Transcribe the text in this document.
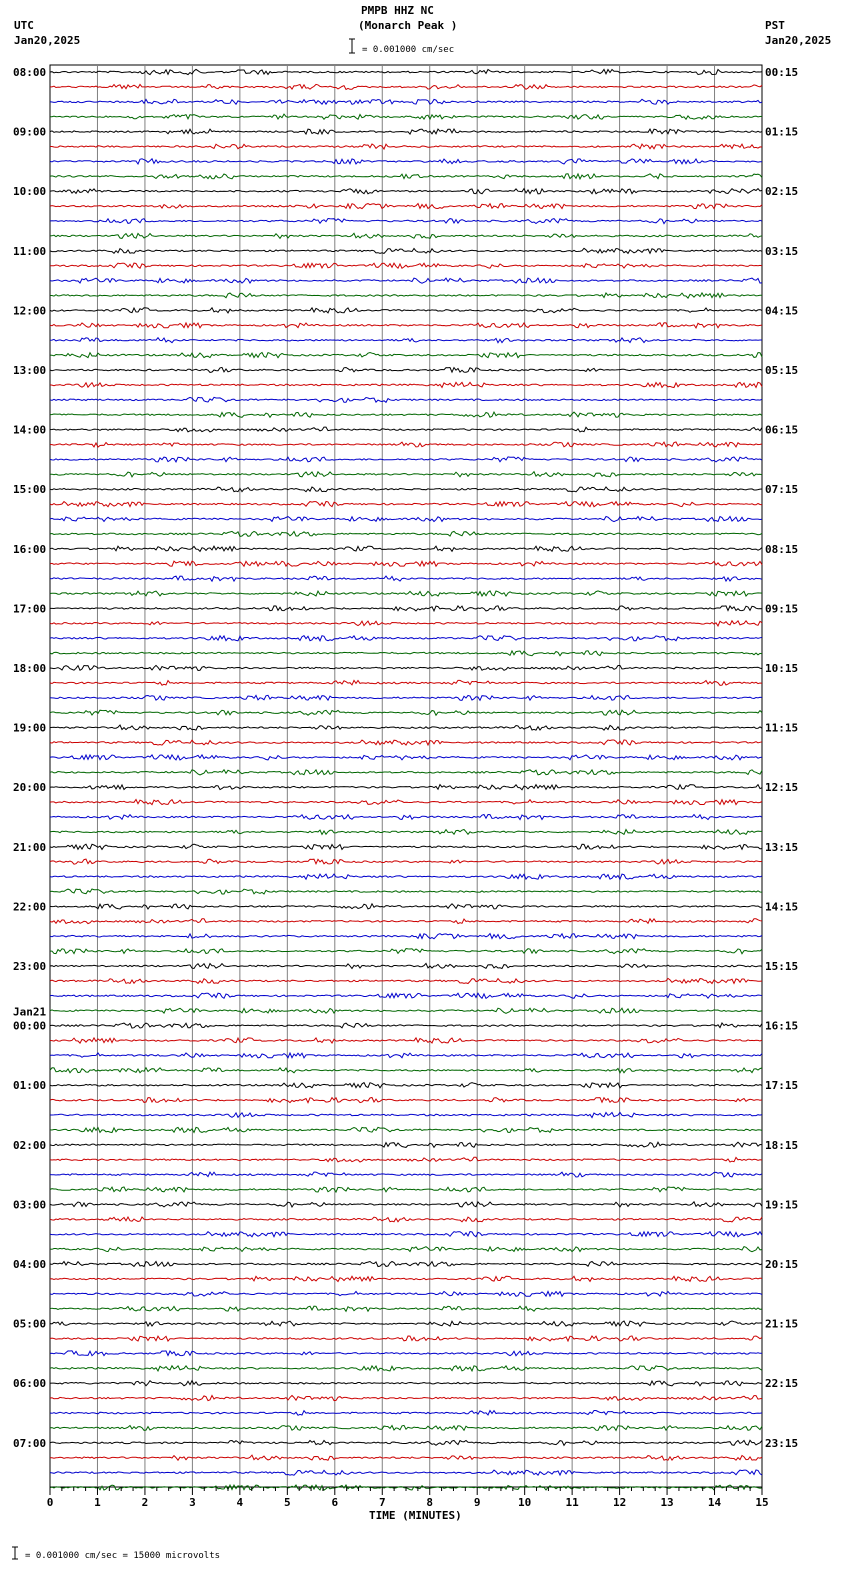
PMPB HHZ NC
(Monarch Peak )
UTC
Jan20,2025
PST
Jan20,2025
= 0.001000 cm/sec
TIME (MINUTES)
= 0.001000 cm/sec = 15000 microvolts
0	1	2	3	4	5	6	7	8	9	10	11	12	13	14	15
08:00
09:00
10:00
11:00
12:00
13:00
14:00
15:00
16:00
17:00
18:00
19:00
20:00
21:00
22:00
23:00
00:00
Jan21
01:00
02:00
03:00
04:00
05:00
06:00
07:00
00:15
01:15
02:15
03:15
04:15
05:15
06:15
07:15
08:15
09:15
10:15
11:15
12:15
13:15
14:15
15:15
16:15
17:15
18:15
19:15
20:15
21:15
22:15
23:15
